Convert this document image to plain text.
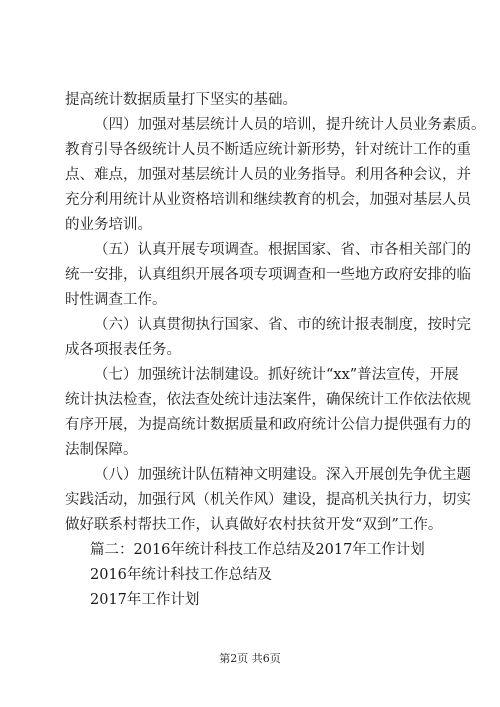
提高统计数据质量打下坚实的基础。
（四）加强对基层统计人员的培训，提升统计人员业务素质。
教育引导各级统计人员不断适应统计新形势，针对统计工作的重
点、难点，加强对基层统计人员的业务指导。利用各种会议，并
充分利用统计从业资格培训和继续教育的机会，加强对基层人员
的业务培训。
（五）认真开展专项调查。根据国家、省、市各相关部门的
统一安排，认真组织开展各项专项调查和一些地方政府安排的临
时性调查工作。
（六）认真贯彻执行国家、省、市的统计报表制度，按时完
成各项报表任务。
（七）加强统计法制建设。抓好统计“xx”普法宣传，开展
统计执法检查，依法查处统计违法案件，确保统计工作依法依规
有序开展，为提高统计数据质量和政府统计公信力提供强有力的
法制保障。
（八）加强统计队伍精神文明建设。深入开展创先争优主题
实践活动，加强行风（机关作风）建设，提高机关执行力，切实
做好联系村帮扶工作，认真做好农村扶贫开发“双到”工作。
篇二：2016年统计科技工作总结及2017年工作计划
2016年统计科技工作总结及
2017年工作计划
第2页 共6页
